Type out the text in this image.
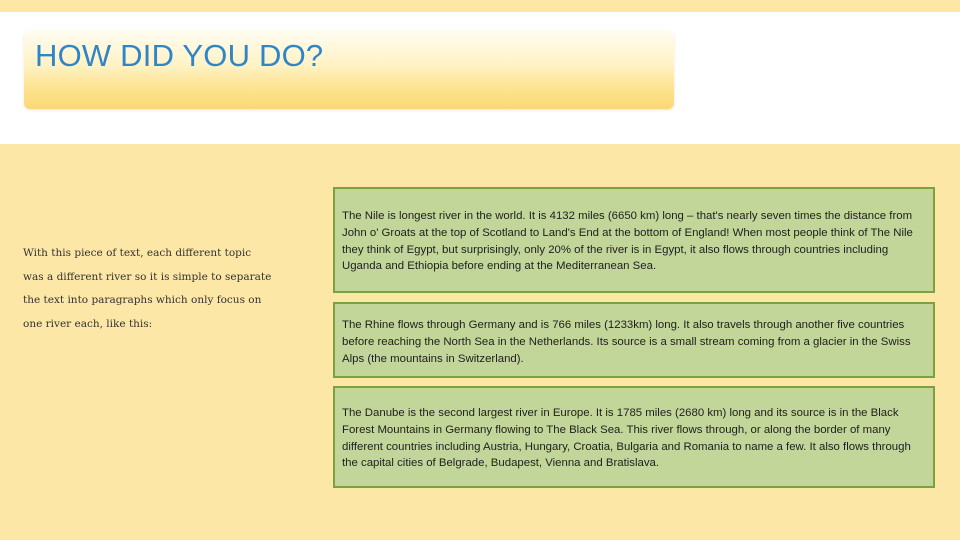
HOW DID YOU DO?

With this piece of text, each different topic was a different river so it is simple to separate the text into paragraphs which only focus on one river each, like this:

The Nile is longest river in the world. It is 4132 miles (6650 km) long – that's nearly seven times the distance from John o' Groats at the top of Scotland to Land's End at the bottom of England! When most people think of The Nile they think of Egypt, but surprisingly, only 20% of the river is in Egypt, it also flows through countries including Uganda and Ethiopia before ending at the Mediterranean Sea.

The Rhine flows through Germany and is 766 miles (1233km) long. It also travels through another five countries before reaching the North Sea in the Netherlands. Its source is a small stream coming from a glacier in the Swiss Alps (the mountains in Switzerland).

The Danube is the second largest river in Europe. It is 1785 miles (2680 km) long and its source is in the Black Forest Mountains in Germany flowing to The Black Sea. This river flows through, or along the border of many different countries including Austria, Hungary, Croatia, Bulgaria and Romania to name a few. It also flows through the capital cities of Belgrade, Budapest, Vienna and Bratislava.
